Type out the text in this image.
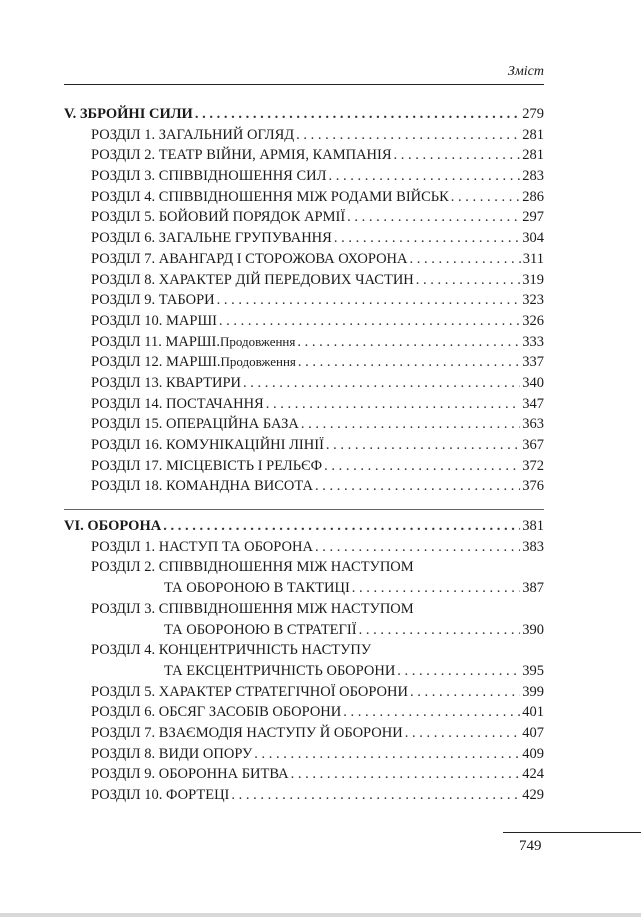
Зміст
V. ЗБРОЙНІ СИЛИ . . .	279
РОЗДІЛ 1. ЗАГАЛЬНИЙ ОГЛЯД . . .	281
РОЗДІЛ 2. ТЕАТР ВІЙНИ, АРМІЯ, КАМПАНІЯ . . .	281
РОЗДІЛ 3. СПІВВІДНОШЕННЯ СИЛ . . .	283
РОЗДІЛ 4. СПІВВІДНОШЕННЯ МІЖ РОДАМИ ВІЙСЬК . . .	286
РОЗДІЛ 5. БОЙОВИЙ ПОРЯДОК АРМІЇ . . .	297
РОЗДІЛ 6. ЗАГАЛЬНЕ ГРУПУВАННЯ . . .	304
РОЗДІЛ 7. АВАНГАРД І СТОРОЖОВА ОХОРОНА . . .	311
РОЗДІЛ 8. ХАРАКТЕР ДІЙ ПЕРЕДОВИХ ЧАСТИН . . .	319
РОЗДІЛ 9. ТАБОРИ . . .	323
РОЗДІЛ 10. МАРШІ . . .	326
РОЗДІЛ 11. МАРШІ. Продовження . . .	333
РОЗДІЛ 12. МАРШІ. Продовження . . .	337
РОЗДІЛ 13. КВАРТИРИ . . .	340
РОЗДІЛ 14. ПОСТАЧАННЯ . . .	347
РОЗДІЛ 15. ОПЕРАЦІЙНА БАЗА . . .	363
РОЗДІЛ 16. КОМУНІКАЦІЙНІ ЛІНІЇ . . .	367
РОЗДІЛ 17. МІСЦЕВІСТЬ І РЕЛЬЄФ . . .	372
РОЗДІЛ 18. КОМАНДНА ВИСОТА . . .	376
VI. ОБОРОНА . . .	381
РОЗДІЛ 1. НАСТУП ТА ОБОРОНА . . .	383
РОЗДІЛ 2. СПІВВІДНОШЕННЯ МІЖ НАСТУПОМ
ТА ОБОРОНОЮ В ТАКТИЦІ . . .	387
РОЗДІЛ 3. СПІВВІДНОШЕННЯ МІЖ НАСТУПОМ
ТА ОБОРОНОЮ В СТРАТЕГІЇ . . .	390
РОЗДІЛ 4. КОНЦЕНТРИЧНІСТЬ НАСТУПУ
ТА ЕКСЦЕНТРИЧНІСТЬ ОБОРОНИ . . .	395
РОЗДІЛ 5. ХАРАКТЕР СТРАТЕГІЧНОЇ ОБОРОНИ . . .	399
РОЗДІЛ 6. ОБСЯГ ЗАСОБІВ ОБОРОНИ . . .	401
РОЗДІЛ 7. ВЗАЄМОДІЯ НАСТУПУ Й ОБОРОНИ . . .	407
РОЗДІЛ 8. ВИДИ ОПОРУ . . .	409
РОЗДІЛ 9. ОБОРОННА БИТВА . . .	424
РОЗДІЛ 10. ФОРТЕЦІ . . .	429
749
